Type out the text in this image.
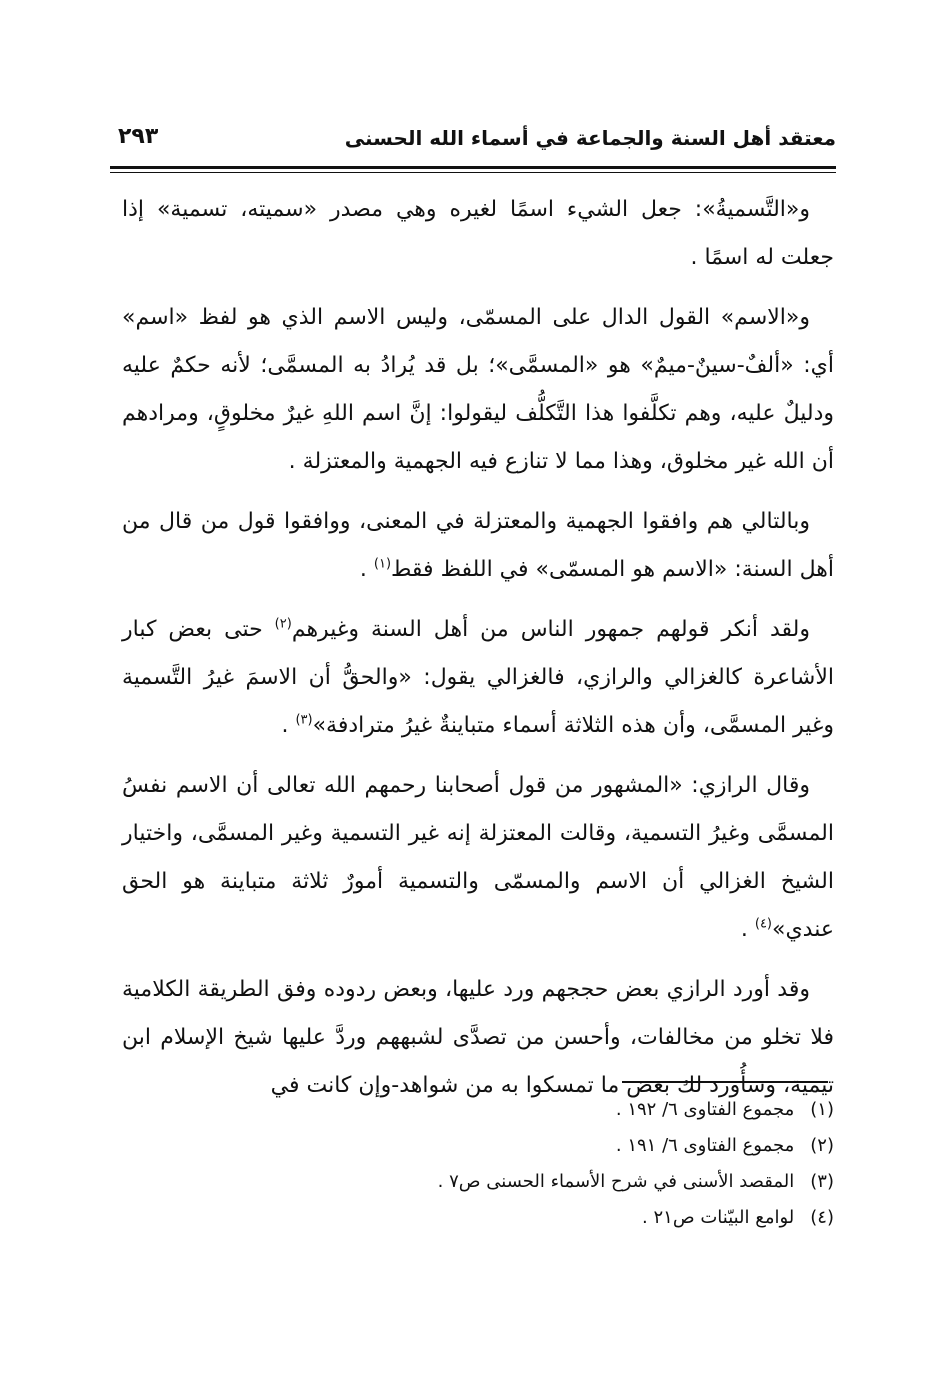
معتقد أهل السنة والجماعة في أسماء الله الحسنى
٢٩٣

و«التَّسميةُ»: جعل الشيء اسمًا لغيره وهي مصدر «سميته، تسمية» إذا جعلت له اسمًا .

و«الاسم» القول الدال على المسمّى، وليس الاسم الذي هو لفظ «اسم» أي: «ألفٌ-سينٌ-ميمٌ» هو «المسمَّى»؛ بل قد يُرادُ به المسمَّى؛ لأنه حكمٌ عليه ودليلٌ عليه، وهم تكلَّفوا هذا التَّكلُّف ليقولوا: إنَّ اسم اللهِ غيرٌ مخلوقٍ، ومرادهم أن الله غير مخلوق، وهذا مما لا تنازع فيه الجهمية والمعتزلة .

وبالتالي هم وافقوا الجهمية والمعتزلة في المعنى، ووافقوا قول من قال من أهل السنة: «الاسم هو المسمّى» في اللفظ فقط$^{(١)}$ .

ولقد أنكر قولهم جمهور الناس من أهل السنة وغيرهم$^{(٢)}$ حتى بعض كبار الأشاعرة كالغزالي والرازي، فالغزالي يقول: «والحقُّ أن الاسمَ غيرُ التَّسمية وغير المسمَّى، وأن هذه الثلاثة أسماء متباينةٌ غيرُ مترادفة»$^{(٣)}$ .

وقال الرازي: «المشهور من قول أصحابنا رحمهم الله تعالى أن الاسم نفسُ المسمَّى وغيرُ التسمية، وقالت المعتزلة إنه غير التسمية وغير المسمَّى، واختيار الشيخ الغزالي أن الاسم والمسمّى والتسمية أمورٌ ثلاثة متباينة هو الحق عندي»$^{(٤)}$ .

وقد أورد الرازي بعض حججهم ورد عليها، وبعض ردوده وفق الطريقة الكلامية فلا تخلو من مخالفات، وأحسن من تصدَّى لشبههم وردَّ عليها شيخ الإسلام ابن تيمية، وسأُورد لك بعض ما تمسكوا به من شواهد-وإن كانت في

(١) مجموع الفتاوى ٦/ ١٩٢ .
(٢) مجموع الفتاوى ٦/ ١٩١ .
(٣) المقصد الأسنى في شرح الأسماء الحسنى ص٧ .
(٤) لوامع البيّنات ص٢١ .
